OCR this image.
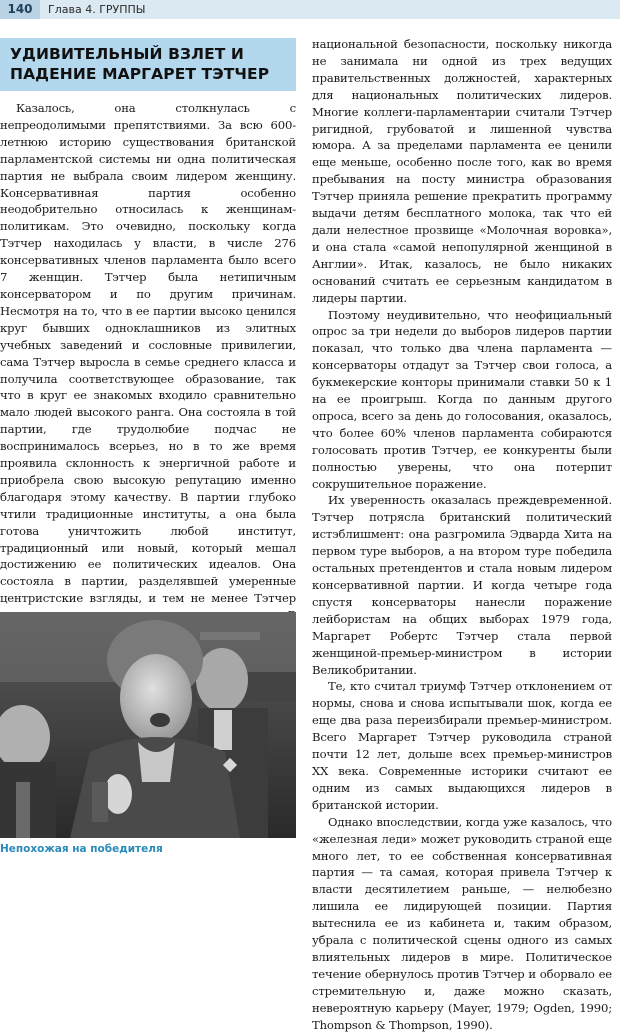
140	Глава 4. ГРУППЫ
УДИВИТЕЛЬНЫЙ ВЗЛЕТ И ПАДЕНИЕ МАРГАРЕТ ТЭТЧЕР

Казалось, она столкнулась с непреодолимыми препятствиями. За всю 600-летнюю историю существования британской парламентской системы ни одна политическая партия не выбрала своим лидером женщину. Консервативная партия особенно неодобрительно относилась к женщинам-политикам. Это очевидно, поскольку когда Тэтчер находилась у власти, в числе 276 консервативных членов парламента было всего 7 женщин. Тэтчер была нетипичным консерватором и по другим причинам. Несмотря на то, что в ее партии высоко ценился круг бывших одноклашников из элитных учебных заведений и сословные привилегии, сама Тэтчер выросла в семье среднего класса и получила соответствующее образование, так что в круг ее знакомых входило сравнительно мало людей высокого ранга. Она состояла в той партии, где трудолюбие подчас не воспринималось всерьез, но в то же время проявила склонность к энергичной работе и приобрела свою высокую репутацию именно благодаря этому качеству. В партии глубоко чтили традиционные институты, а она была готова уничтожить любой институт, традиционный или новый, который мешал достижению ее политических идеалов. Она состояла в партии, разделявшей умеренные центристские взгляды, и тем не менее Тэтчер

национальной безопасности, поскольку никогда не занимала ни одной из трех ведущих правительственных должностей, характерных для национальных политических лидеров. Многие коллеги-парламентарии считали Тэтчер ригидной, грубоватой и лишенной чувства юмора. А за пределами парламента ее ценили еще меньше, особенно после того, как во время пребывания на посту министра образования Тэтчер приняла решение прекратить программу выдачи детям бесплатного молока, так что ей дали нелестное прозвище «Молочная воровка», и она стала «самой непопулярной женщиной в Англии». Итак, казалось, не было никаких оснований считать ее серьезным кандидатом в лидеры партии.

Поэтому неудивительно, что неофициальный опрос за три недели до выборов лидеров партии показал, что только два члена парламента — консерваторы отдадут за Тэтчер свои голоса, а букмекерские конторы принимали ставки 50 к 1 на ее проигрыш. Когда по данным другого опроса, всего за день до голосования, оказалось, что более 60% членов парламента собираются голосовать против Тэтчер, ее конкуренты были полностью уверены, что она потерпит сокрушительное поражение.

Их уверенность оказалась преждевременной. Тэтчер потрясла британский политический истэблишмент: она разгромила Эдварда Хита на первом туре выборов, а на втором туре победила остальных претендентов и стала новым лидером консервативной партии. И когда четыре года спустя консерваторы нанесли поражение лейбористам на общих выборах 1979 года, Маргарет Робертс Тэтчер стала первой женщиной-премьер-министром в истории Великобритании.

Те, кто считал триумф Тэтчер отклонением от нормы, снова и снова испытывали шок, когда ее еще два раза переизбирали премьер-министром. Всего Маргарет Тэтчер руководила страной почти 12 лет, дольше всех премьер-министров XX века. Современные историки считают ее одним из самых выдающихся лидеров в британской истории.

Однако впоследствии, когда уже казалось, что «железная леди» может руководить страной еще много лет, то ее собственная консервативная партия — та самая, которая привела Тэтчер к власти десятилетием раньше, — нелюбезно лишила ее лидирующей позиции. Партия вытеснила ее из кабинета и, таким образом, убрала с политической сцены одного из самых влиятельных лидеров в мире. Политическое течение обернулось против Тэтчер и оборвало ее стремительную и, даже можно сказать, невероятную карьеру (Mayer, 1979; Ogden, 1990; Thompson & Thompson, 1990).

Непохожая на победителя
